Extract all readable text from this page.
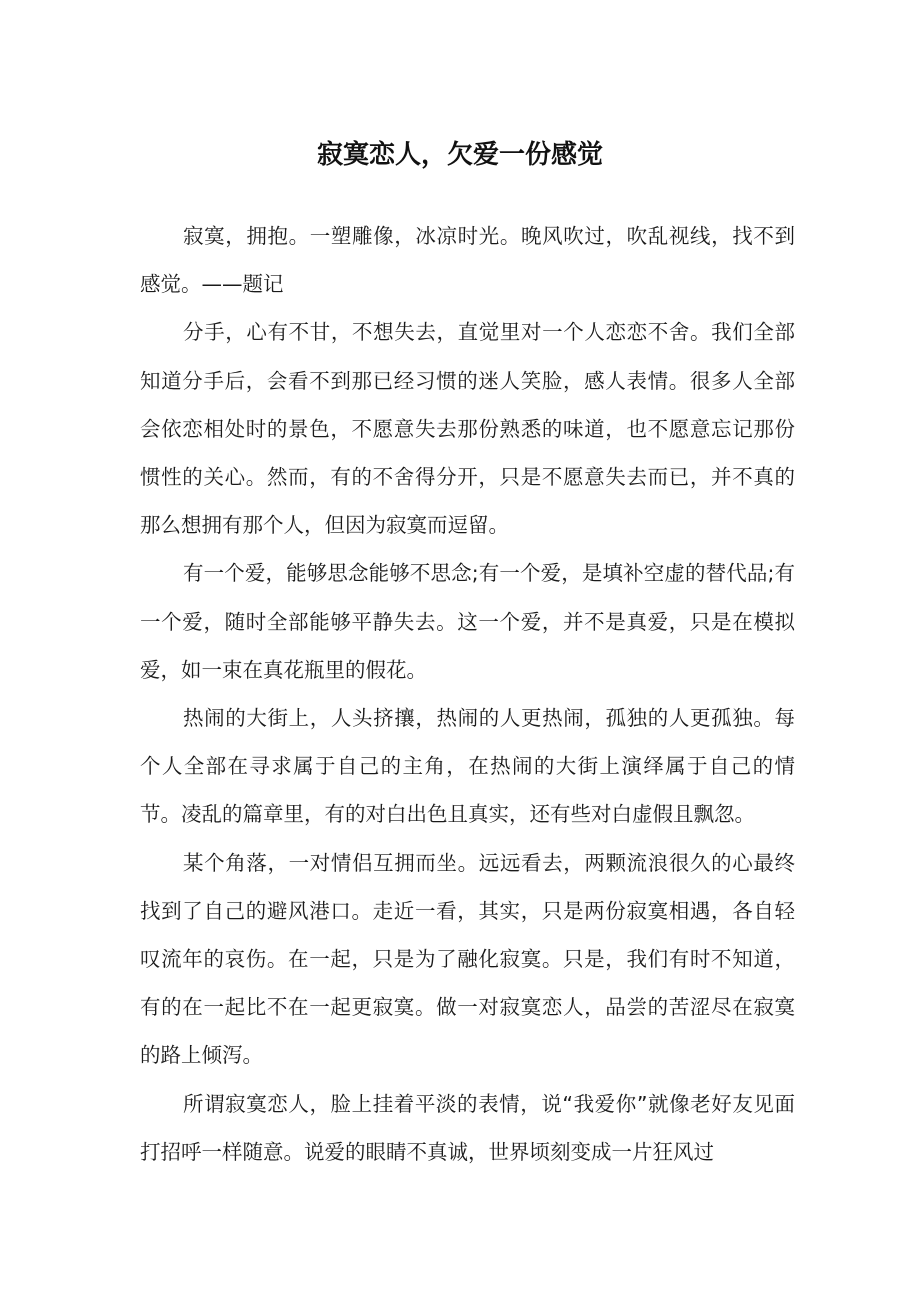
寂寞恋人，欠爱一份感觉

寂寞，拥抱。一塑雕像，冰凉时光。晚风吹过，吹乱视线，找不到感觉。——题记

分手，心有不甘，不想失去，直觉里对一个人恋恋不舍。我们全部知道分手后，会看不到那已经习惯的迷人笑脸，感人表情。很多人全部会依恋相处时的景色，不愿意失去那份熟悉的味道，也不愿意忘记那份惯性的关心。然而，有的不舍得分开，只是不愿意失去而已，并不真的那么想拥有那个人，但因为寂寞而逗留。

有一个爱，能够思念能够不思念;有一个爱，是填补空虚的替代品;有一个爱，随时全部能够平静失去。这一个爱，并不是真爱，只是在模拟爱，如一束在真花瓶里的假花。

热闹的大街上，人头挤攘，热闹的人更热闹，孤独的人更孤独。每个人全部在寻求属于自己的主角，在热闹的大街上演绎属于自己的情节。凌乱的篇章里，有的对白出色且真实，还有些对白虚假且飘忽。

某个角落，一对情侣互拥而坐。远远看去，两颗流浪很久的心最终找到了自己的避风港口。走近一看，其实，只是两份寂寞相遇，各自轻叹流年的哀伤。在一起，只是为了融化寂寞。只是，我们有时不知道，有的在一起比不在一起更寂寞。做一对寂寞恋人，品尝的苦涩尽在寂寞的路上倾泻。

所谓寂寞恋人，脸上挂着平淡的表情，说“我爱你”就像老好友见面打招呼一样随意。说爱的眼睛不真诚，世界顷刻变成一片狂风过
